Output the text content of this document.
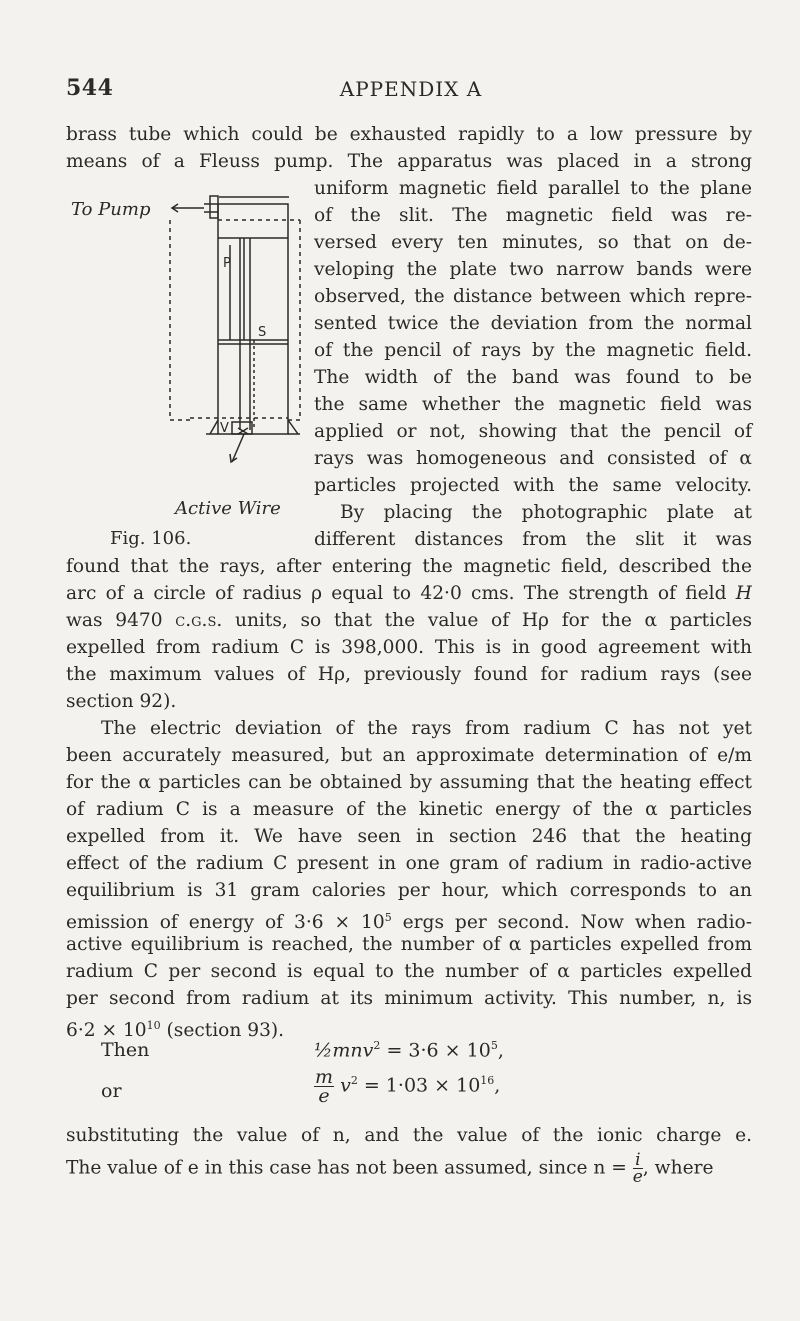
544	APPENDIX A
brass tube which could be exhausted rapidly to a low pressure by
means of a Fleuss pump. The apparatus was placed in a strong
To Pump
P
S
V
Active Wire
Fig. 106.
uniform magnetic field parallel to the plane
of the slit. The magnetic field was re-
versed every ten minutes, so that on de-
veloping the plate two narrow bands were
observed, the distance between which repre-
sented twice the deviation from the normal
of the pencil of rays by the magnetic field.
The width of the band was found to be
the same whether the magnetic field was
applied or not, showing that the pencil of
rays was homogeneous and consisted of α
particles projected with the same velocity.
By placing the photographic plate at
different distances from the slit it was
found that the rays, after entering the magnetic field, described the
arc of a circle of radius ρ equal to 42·0 cms. The strength of field H
was 9470 c.g.s. units, so that the value of Hρ for the α particles
expelled from radium C is 398,000. This is in good agreement with
the maximum values of Hρ, previously found for radium rays (see
section 92).
The electric deviation of the rays from radium C has not yet
been accurately measured, but an approximate determination of e/m
for the α particles can be obtained by assuming that the heating effect
of radium C is a measure of the kinetic energy of the α particles
expelled from it. We have seen in section 246 that the heating
effect of the radium C present in one gram of radium in radio-active
equilibrium is 31 gram calories per hour, which corresponds to an
emission of energy of $3\cdot 6 \times 10^5$ ergs per second. Now when radio-
active equilibrium is reached, the number of α particles expelled from
radium C per second is equal to the number of α particles expelled
per second from radium at its minimum activity. This number, n, is
$6\cdot 2 \times 10^{10}$ (section 93).
Then	½mnv$^2$ = $3\cdot 6 \times 10^5$,
or	$\frac{m}{e} v^2 = 1\cdot 03 \times 10^{16}$,
substituting the value of n, and the value of the ionic charge e.
The value of e in this case has not been assumed, since $n = \frac{i}{e}$ , where
